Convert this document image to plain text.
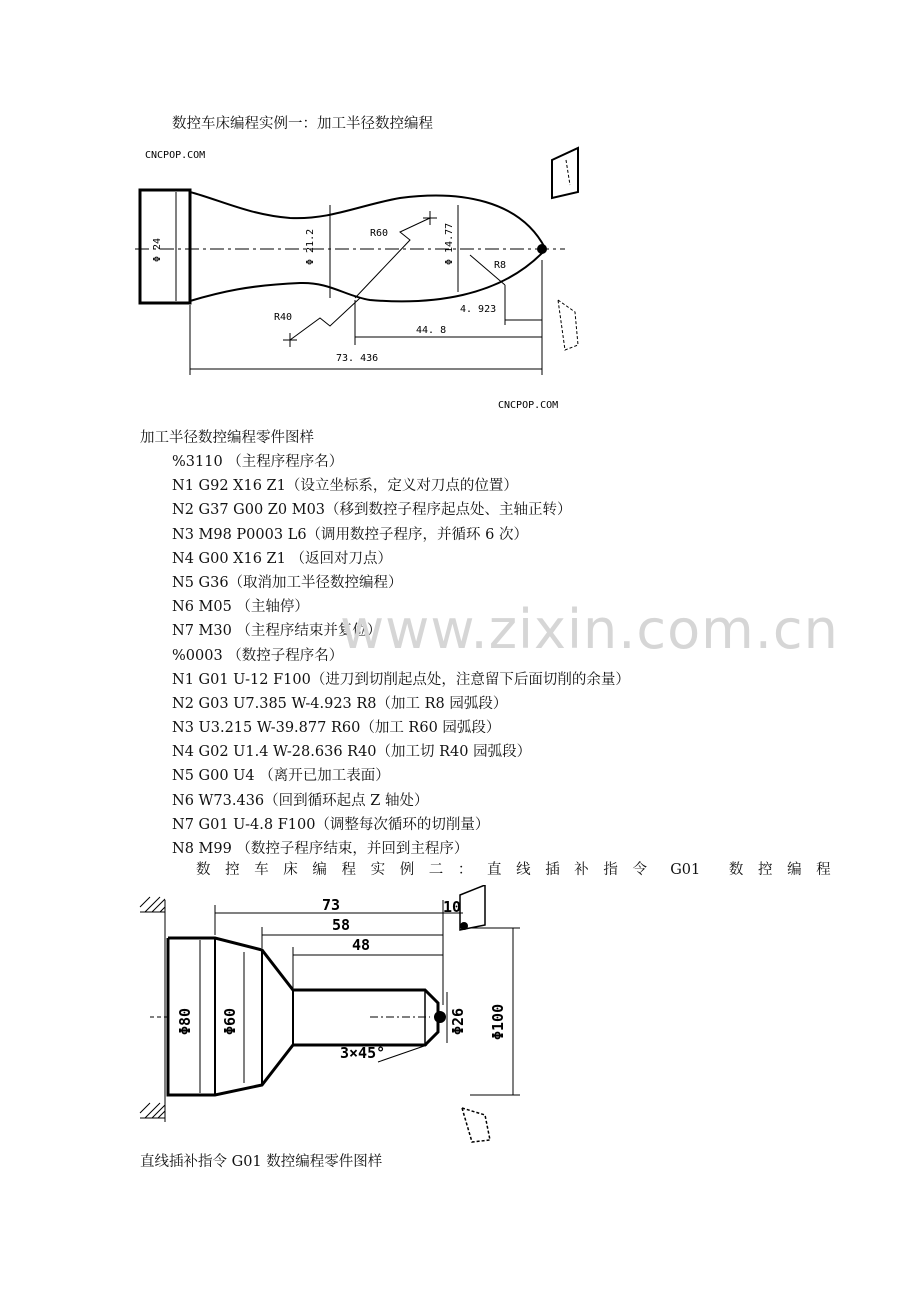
数控车床编程实例一：加工半径数控编程
CNCPOP.COM
CNCPOP.COM
Φ 24	Φ 21.2	Φ 14.77
R60
R8
R40
4. 923
44. 8
73. 436
加工半径数控编程零件图样
%3110 （主程序程序名）
N1 G92 X16 Z1（设立坐标系，定义对刀点的位置）
N2 G37 G00 Z0 M03（移到数控子程序起点处、主轴正转）
N3 M98 P0003 L6（调用数控子程序，并循环 6 次）
N4 G00 X16 Z1 （返回对刀点）
N5 G36（取消加工半径数控编程）
N6 M05 （主轴停）
N7 M30 （主程序结束并复位）
%0003 （数控子程序名）
N1 G01 U-12 F100（进刀到切削起点处，注意留下后面切削的余量）
N2 G03 U7.385 W-4.923 R8（加工 R8 园弧段）
N3 U3.215 W-39.877 R60（加工 R60 园弧段）
N4 G02 U1.4 W-28.636 R40（加工切 R40 园弧段）
N5 G00 U4 （离开已加工表面）
N6 W73.436（回到循环起点 Z 轴处）
N7 G01 U-4.8 F100（调整每次循环的切削量）
N8 M99 （数控子程序结束，并回到主程序）
www.zixin.com.cn
数控车床编程实例二：直线插补指令 G01 数控编程
73
58
48
10
Φ80 Φ60	Φ26 Φ100
3×45°
直线插补指令 G01 数控编程零件图样
